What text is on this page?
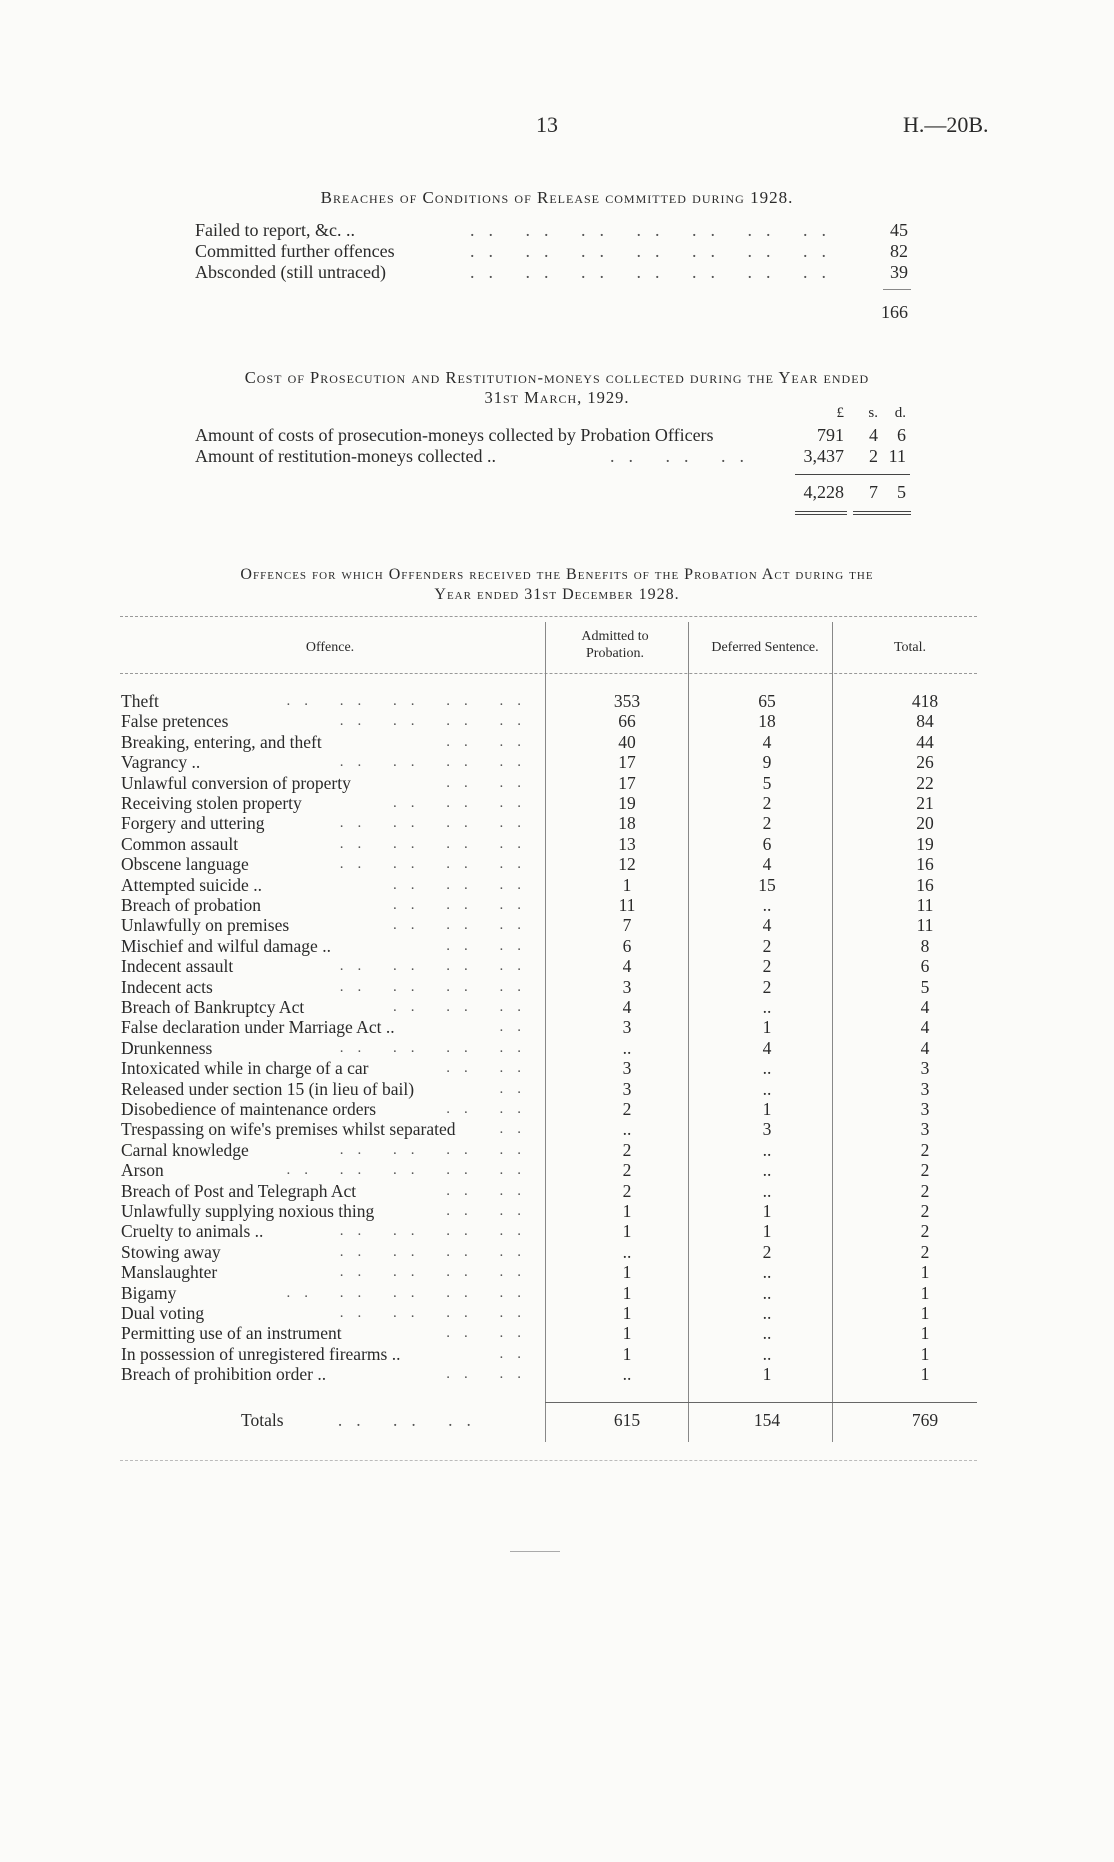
13	H.—20B.
Breaches of Conditions of Release committed during 1928.
Failed to report, &c. ..	.. .. .. .. .. .. ..	45
Committed further offences	.. .. .. .. .. .. ..	82
Absconded (still untraced)	.. .. .. .. .. .. ..	39
166
Cost of Prosecution and Restitution-moneys collected during the Year ended
31st March, 1929.
£	s.	d.
Amount of costs of prosecution-moneys collected by Probation Officers	791	4	6
Amount of restitution-moneys collected ..	.. .. ..	3,437	2 11
4,228	7	5
Offences for which Offenders received the Benefits of the Probation Act during the
Year ended 31st December 1928.
Offence.
Admitted to Probation.	Deferred Sentence.	Total.
Theft	353	65	418
.. .. .. .. ..
False pretences	66	18	84
.. .. .. ..
Breaking, entering, and theft	40	4	44
.. ..
Vagrancy ..	17	9	26
.. .. .. ..
Unlawful conversion of property	17	5	22
.. ..
Receiving stolen property	19	2	21
.. .. ..
Forgery and uttering	18	2	20
.. .. .. ..
Common assault	13	6	19
.. .. .. ..
Obscene language	12	4	16
.. .. .. ..
Attempted suicide ..	1	15	16
.. .. ..
Breach of probation	11	..	11
.. .. ..
Unlawfully on premises	7	4	11
.. .. ..
Mischief and wilful damage ..	6	2	8
.. ..
Indecent assault	4	2	6
.. .. .. ..
Indecent acts	3	2	5
.. .. .. ..
Breach of Bankruptcy Act	4	..	4
.. .. ..
False declaration under Marriage Act ..	3	1	4
..
Drunkenness	..	4	4
.. .. .. ..
Intoxicated while in charge of a car	3	..	3
.. ..
Released under section 15 (in lieu of bail)	3	..	3
..
Disobedience of maintenance orders	2	1	3
.. ..
Trespassing on wife's premises whilst separated	..	3	3
..
Carnal knowledge	2	..	2
.. .. .. ..
Arson	2	..	2
.. .. .. .. ..
Breach of Post and Telegraph Act	2	..	2
.. ..
Unlawfully supplying noxious thing	1	1	2
.. ..
Cruelty to animals ..	1	1	2
.. .. .. ..
Stowing away	..	2	2
.. .. .. ..
Manslaughter	1	..	1
.. .. .. ..
Bigamy	1	..	1
.. .. .. .. ..
Dual voting	1	..	1
.. .. .. ..
Permitting use of an instrument	1	..	1
.. ..
In possession of unregistered firearms ..	1	..	1
..
Breach of prohibition order ..	..	1	1
.. ..
Totals	.. .. ..	615	154	769
